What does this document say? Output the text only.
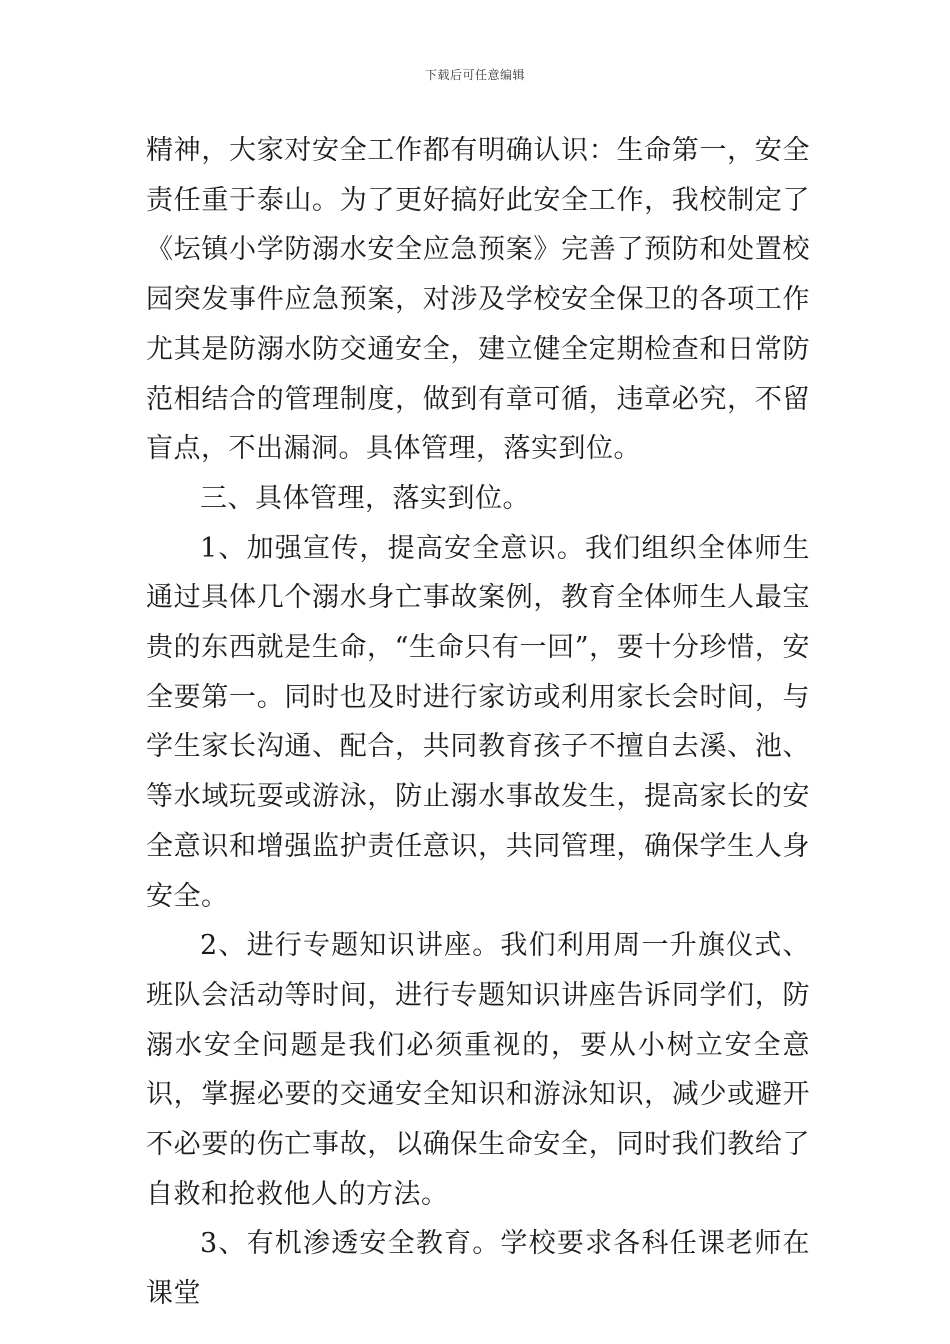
下载后可任意编辑

精神，大家对安全工作都有明确认识：生命第一，安全责任重于泰山。为了更好搞好此安全工作，我校制定了《坛镇小学防溺水安全应急预案》完善了预防和处置校园突发事件应急预案，对涉及学校安全保卫的各项工作尤其是防溺水防交通安全，建立健全定期检查和日常防范相结合的管理制度，做到有章可循，违章必究，不留盲点，不出漏洞。具体管理，落实到位。

三、具体管理，落实到位。

1、加强宣传，提高安全意识。我们组织全体师生通过具体几个溺水身亡事故案例，教育全体师生人最宝贵的东西就是生命，“生命只有一回”，要十分珍惜，安全要第一。同时也及时进行家访或利用家长会时间，与学生家长沟通、配合，共同教育孩子不擅自去溪、池、等水域玩耍或游泳，防止溺水事故发生，提高家长的安全意识和增强监护责任意识，共同管理，确保学生人身安全。

2、进行专题知识讲座。我们利用周一升旗仪式、班队会活动等时间，进行专题知识讲座告诉同学们，防溺水安全问题是我们必须重视的，要从小树立安全意识，掌握必要的交通安全知识和游泳知识，减少或避开不必要的伤亡事故，以确保生命安全，同时我们教给了自救和抢救他人的方法。

3、有机渗透安全教育。学校要求各科任课老师在课堂
